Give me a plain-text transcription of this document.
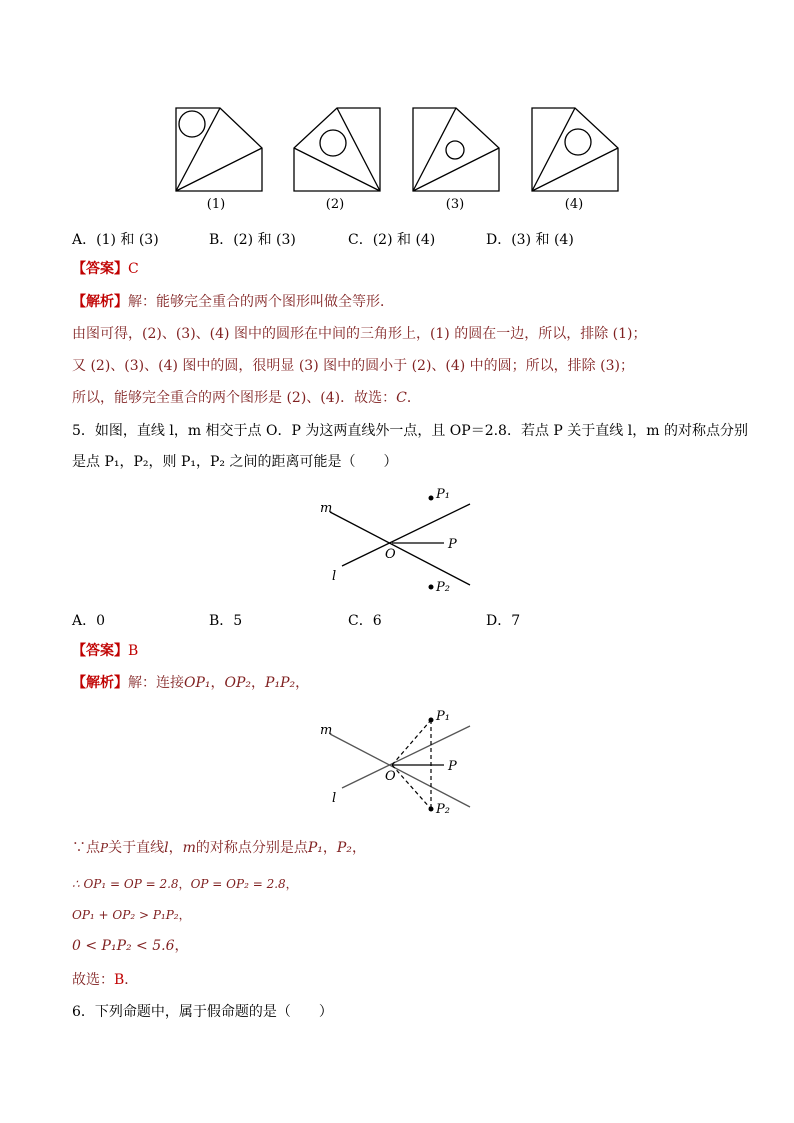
(1)	(2)	(3)	(4)
A．(1) 和 (3)	B．(2) 和 (3)	C．(2) 和 (4)	D．(3) 和 (4)
【答案】C
【解析】解：能够完全重合的两个图形叫做全等形．
由图可得，(2)、(3)、(4) 图中的圆形在中间的三角形上，(1) 的圆在一边，所以，排除 (1)；
又 (2)、(3)、(4) 图中的圆，很明显 (3) 图中的圆小于 (2)、(4) 中的圆；所以，排除 (3)；
所以，能够完全重合的两个图形是 (2)、(4)．故选：C．
5．如图，直线 l，m 相交于点 O．P 为这两直线外一点，且 OP＝2.8．若点 P 关于直线 l，m 的对称点分别
是点 P₁，P₂，则 P₁，P₂ 之间的距离可能是（　　）
m
l
O
P
P₁
P₂
A．0	B．5	C．6	D．7
【答案】B
【解析】解：连接OP₁，OP₂，P₁P₂，
m
l
O
P
P₁
P₂
∵点P关于直线l，m的对称点分别是点P₁，P₂，
∴ OP₁ = OP = 2.8，OP = OP₂ = 2.8，
OP₁ + OP₂ > P₁P₂，
0 < P₁P₂ < 5.6，
故选：B．
6．下列命题中，属于假命题的是（　　）
